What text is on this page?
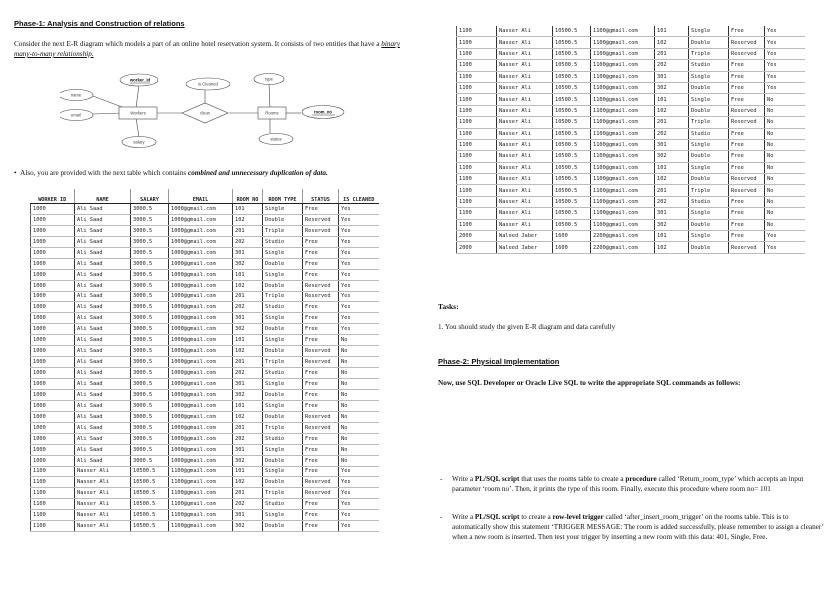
Phase-1: Analysis and Construction of relations
Consider the next E-R diagram which models a part of an online hotel reservation system. It consists of two entities that have a binary many-to-many relationship.
name
email
worker_id
salary
is Cleaned
type
status
room_no
Workers	Rooms
clean
• Also, you are provided with the next table which contains combined and unnecessary duplication of data.
WORKER ID	NAME	SALARY	EMAIL	ROOM NO	ROOM TYPE	STATUS	IS CLEANED
1000	Ali Saad	3000.5	1000@gmail.com	101	Single	Free	Yes
1000	Ali Saad	3000.5	1000@gmail.com	102	Double	Reserved	Yes
1000	Ali Saad	3000.5	1000@gmail.com	201	Triple	Reserved	Yes
1000	Ali Saad	3000.5	1000@gmail.com	202	Studio	Free	Yes
1000	Ali Saad	3000.5	1000@gmail.com	301	Single	Free	Yes
1000	Ali Saad	3000.5	1000@gmail.com	302	Double	Free	Yes
1000	Ali Saad	3000.5	1000@gmail.com	101	Single	Free	Yes
1000	Ali Saad	3000.5	1000@gmail.com	102	Double	Reserved	Yes
1000	Ali Saad	3000.5	1000@gmail.com	201	Triple	Reserved	Yes
1000	Ali Saad	3000.5	1000@gmail.com	202	Studio	Free	Yes
1000	Ali Saad	3000.5	1000@gmail.com	301	Single	Free	Yes
1000	Ali Saad	3000.5	1000@gmail.com	302	Double	Free	Yes
1000	Ali Saad	3000.5	1000@gmail.com	101	Single	Free	No
1000	Ali Saad	3000.5	1000@gmail.com	102	Double	Reserved	No
1000	Ali Saad	3000.5	1000@gmail.com	201	Triple	Reserved	No
1000	Ali Saad	3000.5	1000@gmail.com	202	Studio	Free	No
1000	Ali Saad	3000.5	1000@gmail.com	301	Single	Free	No
1000	Ali Saad	3000.5	1000@gmail.com	302	Double	Free	No
1000	Ali Saad	3000.5	1000@gmail.com	101	Single	Free	No
1000	Ali Saad	3000.5	1000@gmail.com	102	Double	Reserved	No
1000	Ali Saad	3000.5	1000@gmail.com	201	Triple	Reserved	No
1000	Ali Saad	3000.5	1000@gmail.com	202	Studio	Free	No
1000	Ali Saad	3000.5	1000@gmail.com	301	Single	Free	No
1000	Ali Saad	3000.5	1000@gmail.com	302	Double	Free	No
1100	Nasser Ali	10500.5	1100@gmail.com	101	Single	Free	Yes
1100	Nasser Ali	10500.5	1100@gmail.com	102	Double	Reserved	Yes
1100	Nasser Ali	10500.5	1100@gmail.com	201	Triple	Reserved	Yes
1100	Nasser Ali	10500.5	1100@gmail.com	202	Studio	Free	Yes
1100	Nasser Ali	10500.5	1100@gmail.com	301	Single	Free	Yes
1100	Nasser Ali	10500.5	1100@gmail.com	302	Double	Free	Yes
1100	Nasser Ali	10500.5	1100@gmail.com	101	Single	Free	Yes
1100	Nasser Ali	10500.5	1100@gmail.com	102	Double	Reserved	Yes
1100	Nasser Ali	10500.5	1100@gmail.com	201	Triple	Reserved	Yes
1100	Nasser Ali	10500.5	1100@gmail.com	202	Studio	Free	Yes
1100	Nasser Ali	10500.5	1100@gmail.com	301	Single	Free	Yes
1100	Nasser Ali	10500.5	1100@gmail.com	302	Double	Free	Yes
1100	Nasser Ali	10500.5	1100@gmail.com	101	Single	Free	No
1100	Nasser Ali	10500.5	1100@gmail.com	102	Double	Reserved	No
1100	Nasser Ali	10500.5	1100@gmail.com	201	Triple	Reserved	No
1100	Nasser Ali	10500.5	1100@gmail.com	202	Studio	Free	No
1100	Nasser Ali	10500.5	1100@gmail.com	301	Single	Free	No
1100	Nasser Ali	10500.5	1100@gmail.com	302	Double	Free	No
1100	Nasser Ali	10500.5	1100@gmail.com	101	Single	Free	No
1100	Nasser Ali	10500.5	1100@gmail.com	102	Double	Reserved	No
1100	Nasser Ali	10500.5	1100@gmail.com	201	Triple	Reserved	No
1100	Nasser Ali	10500.5	1100@gmail.com	202	Studio	Free	No
1100	Nasser Ali	10500.5	1100@gmail.com	301	Single	Free	No
1100	Nasser Ali	10500.5	1100@gmail.com	302	Double	Free	No
2000	Waleed Jaber	1600	2200@gmail.com	101	Single	Free	Yes
2000	Waleed Jaber	1600	2200@gmail.com	102	Double	Reserved	Yes
Tasks:
1. You should study the given E-R diagram and data carefully
Phase-2: Physical Implementation
Now, use SQL Developer or Oracle Live SQL to write the appropriate SQL commands as follows:
-	Write a PL/SQL script that uses the rooms table to create a procedure called ‘Return_room_type’ which accepts an input parameter ‘room no’. Then, it prints the type of this room. Finally, execute this procedure where room no= 101
-	Write a PL/SQL script to create a row-level trigger called ‘after_insert_room_trigger’ on the rooms table. This is to automatically show this statement ‘TRIGGER MESSAGE: The room is added successfully, please remember to assign a cleaner’ when a new room is inserted. Then test your trigger by inserting a new room with this data: 401, Single, Free.
